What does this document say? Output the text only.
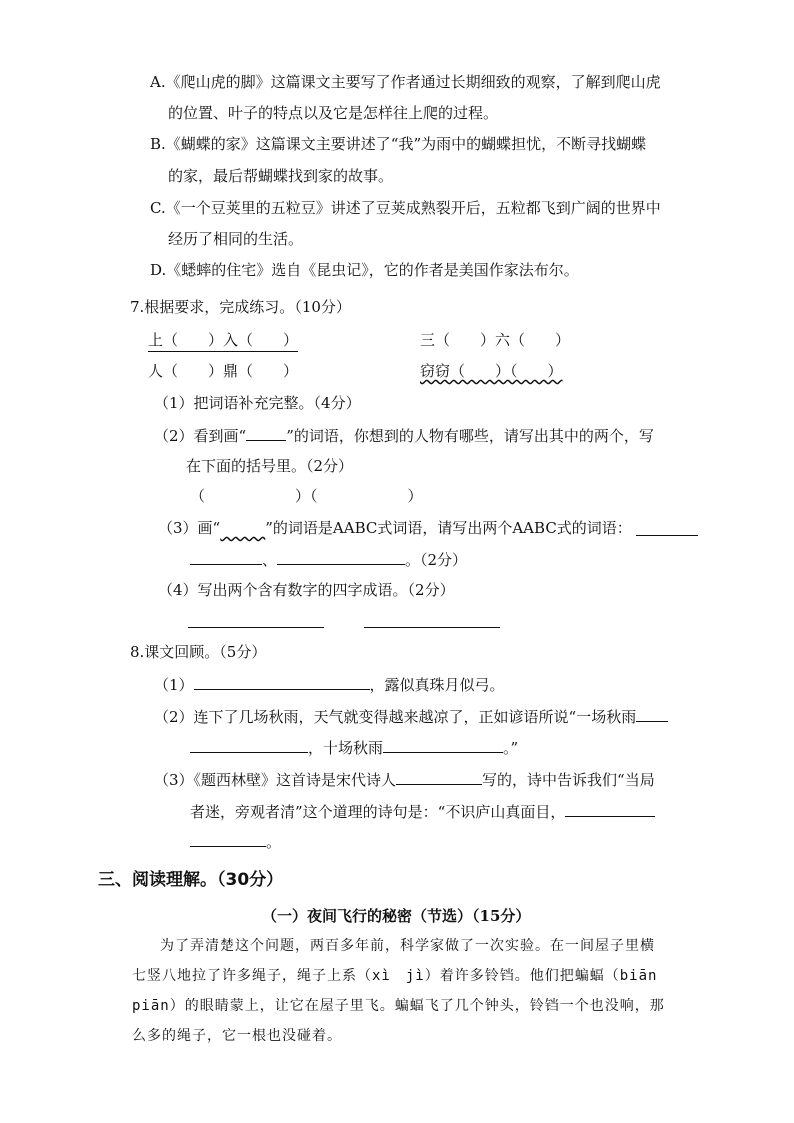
A.《爬山虎的脚》这篇课文主要写了作者通过长期细致的观察，了解到爬山虎
的位置、叶子的特点以及它是怎样往上爬的过程。
B.《蝴蝶的家》这篇课文主要讲述了“我”为雨中的蝴蝶担忧，不断寻找蝴蝶
的家，最后帮蝴蝶找到家的故事。
C.《一个豆荚里的五粒豆》讲述了豆荚成熟裂开后，五粒都飞到广阔的世界中
经历了相同的生活。
D.《蟋蟀的住宅》选自《昆虫记》，它的作者是美国作家法布尔。
7.根据要求，完成练习。（10分）
上（　　）入（　　）	三（　　）六（　　）
人（　　）鼎（　　）	窃窃（　　）（　　）
（1）把词语补充完整。（4分）
（2）看到画“	”的词语，你想到的人物有哪些，请写出其中的两个，写
在下面的括号里。（2分）
（　　　　　　）（　　　　　　）
（3）画“　　　	”的词语是AABC式词语，请写出两个AABC式的词语：
、	。（2分）
（4）写出两个含有数字的四字成语。（2分）
8.课文回顾。（5分）
（1）	，露似真珠月似弓。
（2）连下了几场秋雨，天气就变得越来越凉了，正如谚语所说“一场秋雨
，十场秋雨	。”
（3）《题西林壁》这首诗是宋代诗人	写的，诗中告诉我们“当局
者迷，旁观者清”这个道理的诗句是：“不识庐山真面目，
。
三、阅读理解。（30分）
（一）夜间飞行的秘密（节选）（15分）
为了弄清楚这个问题，两百多年前，科学家做了一次实验。在一间屋子里横
七竖八地拉了许多绳子，绳子上系（xì　jì）着许多铃铛。他们把蝙蝠（biān
piān）的眼睛蒙上，让它在屋子里飞。蝙蝠飞了几个钟头，铃铛一个也没响，那
么多的绳子，它一根也没碰着。
